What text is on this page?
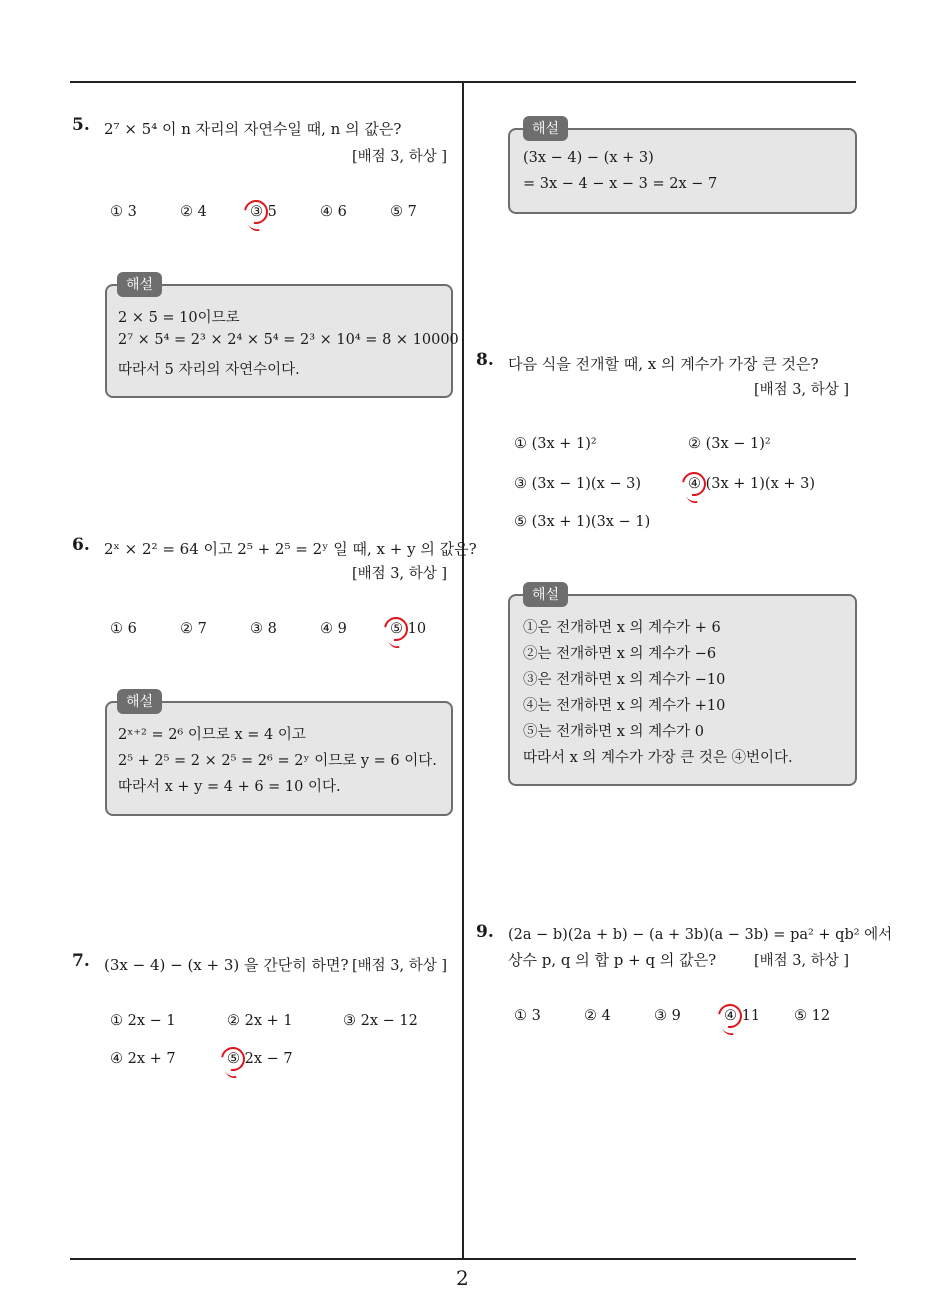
5. 2⁷ × 5⁴ 이 n 자리의 자연수일 때, n 의 값은?
[배점 3, 하상 ]
① 3	② 4	③ 5	④ 6	⑤ 7
해설
2 × 5 = 10이므로
2⁷ × 5⁴ = 2³ × 2⁴ × 5⁴ = 2³ × 10⁴ = 8 × 10000
따라서 5 자리의 자연수이다.
6. 2ˣ × 2² = 64 이고 2⁵ + 2⁵ = 2ʸ 일 때, x + y 의 값은?
[배점 3, 하상 ]
① 6	② 7	③ 8	④ 9	⑤ 10
해설
2ˣ⁺² = 2⁶ 이므로 x = 4 이고
2⁵ + 2⁵ = 2 × 2⁵ = 2⁶ = 2ʸ 이므로 y = 6 이다.
따라서 x + y = 4 + 6 = 10 이다.
7. (3x − 4) − (x + 3) 을 간단히 하면? [배점 3, 하상 ]
① 2x − 1	② 2x + 1	③ 2x − 12
④ 2x + 7	⑤ 2x − 7
해설
(3x − 4) − (x + 3)
= 3x − 4 − x − 3 = 2x − 7
8. 다음 식을 전개할 때, x 의 계수가 가장 큰 것은?
[배점 3, 하상 ]
① (3x + 1)²	② (3x − 1)²
③ (3x − 1)(x − 3)	④ (3x + 1)(x + 3)
⑤ (3x + 1)(3x − 1)
해설
①은 전개하면 x 의 계수가 + 6
②는 전개하면 x 의 계수가 −6
③은 전개하면 x 의 계수가 −10
④는 전개하면 x 의 계수가 +10
⑤는 전개하면 x 의 계수가 0
따라서 x 의 계수가 가장 큰 것은 ④번이다.
9. (2a − b)(2a + b) − (a + 3b)(a − 3b) = pa² + qb² 에서
상수 p, q 의 합 p + q 의 값은?	[배점 3, 하상 ]
① 3	② 4	③ 9	④ 11 ⑤ 12
2
